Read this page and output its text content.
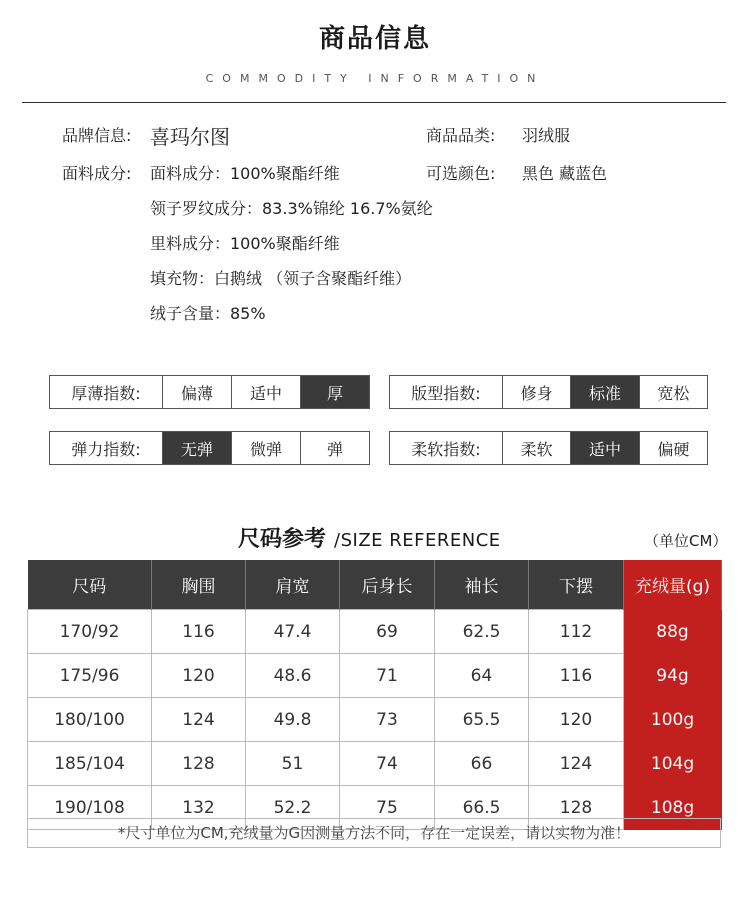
商品信息
COMMODITY INFORMATION
品牌信息: 喜玛尔图	商品品类: 羽绒服
面料成分: 面料成分：100%聚酯纤维	可选颜色: 黑色 藏蓝色
领子罗纹成分：83.3%锦纶 16.7%氨纶
里料成分：100%聚酯纤维
填充物：白鹅绒 （领子含聚酯纤维）
绒子含量：85%
厚薄指数:	偏薄	适中	厚	版型指数:	修身	标准	宽松
弹力指数:	无弹	微弹	弹	柔软指数:	柔软	适中	偏硬
尺码参考 /SIZE REFERENCE	（单位CM）
尺码	胸围	肩宽	后身长	袖长	下摆	充绒量(g)
170/92	116	47.4	69	62.5	112	88g
175/96	120	48.6	71	64	116	94g
180/100	124	49.8	73	65.5	120	100g
185/104	128	51	74	66	124	104g
190/108	132	52.2	75	66.5	128	108g
*尺寸单位为CM,充绒量为G因测量方法不同，存在一定误差，请以实物为准！
